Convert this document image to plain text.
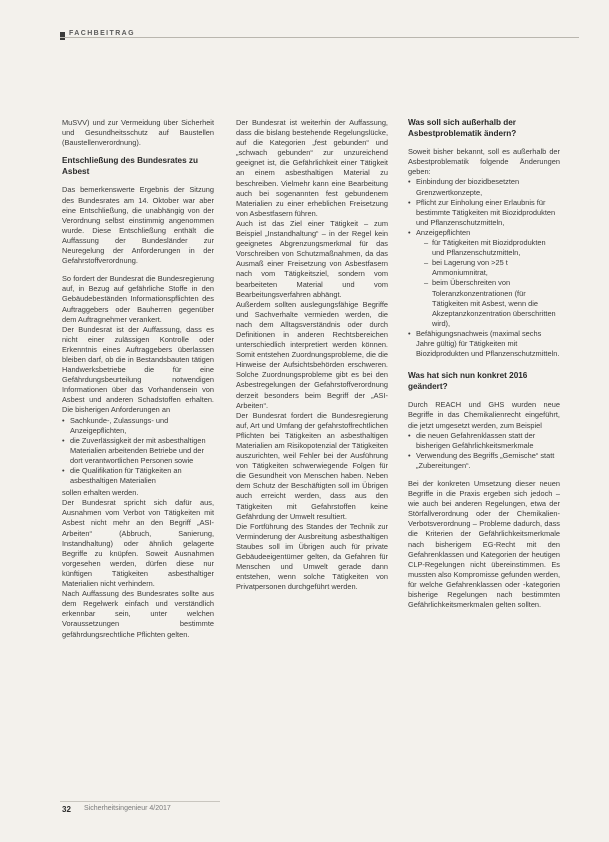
FACHBEITRAG

MuSVV) und zur Vermeidung über Sicherheit und Gesundheitsschutz auf Baustellen (Baustellenverordnung).

Entschließung des Bundesrates zu Asbest

Das bemerkenswerte Ergebnis der Sitzung des Bundesrates am 14. Oktober war aber eine Entschließung, die unabhängig von der Verordnung selbst einstimmig angenommen wurde. Diese Entschließung enthält die Auffassung der Bundesländer zur Neuregelung der Anforderungen in der Gefahrstoffverordnung.

So fordert der Bundesrat die Bundesregierung auf, in Bezug auf gefährliche Stoffe in den Gebäudebeständen Informationspflichten des Auftraggebers oder Bauherren gegenüber dem Auftragnehmer verankert.

Der Bundesrat ist der Auffassung, dass es nicht einer zulässigen Kontrolle oder Erkenntnis eines Auftraggebers überlassen bleiben darf, ob die in Bestandsbauten tätigen Handwerksbetriebe die für eine Gefährdungsbeurteilung notwendigen Informationen über das Vorhandensein von Asbest und anderen Schadstoffen erhalten. Die bisherigen Anforderungen an

• Sachkunde-, Zulassungs- und Anzeigepflichten,
• die Zuverlässigkeit der mit asbesthaltigen Materialien arbeitenden Betriebe und der dort verantwortlichen Personen sowie
• die Qualifikation für Tätigkeiten an asbesthaltigen Materialien

sollen erhalten werden.

Der Bundesrat spricht sich dafür aus, Ausnahmen vom Verbot von Tätigkeiten mit Asbest nicht mehr an den Begriff „ASI-Arbeiten“ (Abbruch, Sanierung, Instandhaltung) oder ähnlich gelagerte Begriffe zu knüpfen. Soweit Ausnahmen vorgesehen werden, dürfen diese nur künftigen Tätigkeiten asbesthaltiger Materialien nicht verhindern.

Nach Auffassung des Bundesrates sollte aus dem Regelwerk einfach und verständlich erkennbar sein, unter welchen Voraussetzungen bestimmte gefährdungsrechtliche Pflichten gelten.

Der Bundesrat ist weiterhin der Auffassung, dass die bislang bestehende Regelungslücke, auf die Kategorien „fest gebunden“ und „schwach gebunden“ zur unzureichend geeignet ist, die Gefährlichkeit einer Tätigkeit an einem asbesthaltigen Material zu beschreiben. Vielmehr kann eine Bearbeitung auch bei sogenannten fest gebundenem Materialien zu einer erheblichen Freisetzung von Asbestfasern führen.

Auch ist das Ziel einer Tätigkeit – zum Beispiel „Instandhaltung“ – in der Regel kein geeignetes Abgrenzungsmerkmal für das Vorschreiben von Schutzmaßnahmen, da das Ausmaß einer Freisetzung von Asbestfasern nach vom Tätigkeitsziel, sondern vom bearbeiteten Material und vom Bearbeitungsverfahren abhängt.

Außerdem sollten auslegungsfähige Begriffe und Sachverhalte vermieden werden, die nach dem Alltagsverständnis oder durch Definitionen in anderen Rechtsbereichen unterschiedlich interpretiert werden können. Somit entstehen Zuordnungsprobleme, die die Hinweise der Aufsichtsbehörden erschweren. Solche Zuordnungsprobleme gibt es bei den Asbestregelungen der Gefahrstoffverordnung derzeit besonders beim Begriff der „ASI-Arbeiten“.

Der Bundesrat fordert die Bundesregierung auf, Art und Umfang der gefahrstoffrechtlichen Pflichten bei Tätigkeiten an asbesthaltigen Materialien am Risikopotenzial der Tätigkeiten auszurichten, weil Fehler bei der Ausführung von Tätigkeiten schwerwiegende Folgen für die Gesundheit von Menschen haben. Neben dem Schutz der Beschäftigten soll im Übrigen auch erreicht werden, dass aus den Tätigkeiten mit Gefahrstoffen keine Gefährdung der Umwelt resultiert.

Die Fortführung des Standes der Technik zur Verminderung der Ausbreitung asbesthaltigen Staubes soll im Übrigen auch für private Gebäudeeigentümer gelten, da Gefahren für Menschen und Umwelt gerade dann entstehen, wenn solche Tätigkeiten von Privatpersonen durchgeführt werden.

Was soll sich außerhalb der Asbestproblematik ändern?

Soweit bisher bekannt, soll es außerhalb der Asbestproblematik folgende Änderungen geben:

• Einbindung der biozidbesetzten Grenzwertkonzepte,
• Pflicht zur Einholung einer Erlaubnis für bestimmte Tätigkeiten mit Biozidprodukten und Pflanzenschutzmitteln,
• Anzeigepflichten
– für Tätigkeiten mit Biozidprodukten und Pflanzenschutzmitteln,
– bei Lagerung von >25 t Ammoniumnitrat,
– beim Überschreiten von Toleranzkonzentrationen (für Tätigkeiten mit Asbest, wenn die Akzeptanzkonzentration überschritten wird),
• Befähigungsnachweis (maximal sechs Jahre gültig) für Tätigkeiten mit Biozidprodukten und Pflanzenschutzmitteln.
Was hat sich nun konkret 2016 geändert?

Durch REACH und GHS wurden neue Begriffe in das Chemikalienrecht eingeführt, die jetzt umgesetzt werden, zum Beispiel

• die neuen Gefahrenklassen statt der bisherigen Gefährlichkeitsmerkmale
• Verwendung des Begriffs „Gemische“ statt „Zubereitungen“.

Bei der konkreten Umsetzung dieser neuen Begriffe in die Praxis ergeben sich jedoch – wie auch bei anderen Regelungen, etwa der Störfallverordnung oder der Chemikalien-Verbotsverordnung – Probleme dadurch, dass die Kriterien der Gefährlichkeitsmerkmale nach bisherigem EG-Recht mit den Gefahrenklassen und Kategorien der heutigen CLP-Regelungen nicht übereinstimmen. Es mussten also Kompromisse gefunden werden, für welche Gefahrenklassen oder -kategorien bisherige Regelungen nach bestimmten Gefährlichkeitsmerkmalen gelten sollten.

32 Sicherheitsingenieur 4/2017
